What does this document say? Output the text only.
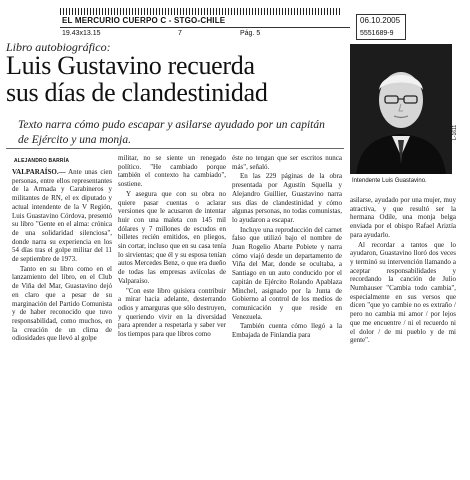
EL MERCURIO CUERPO C - STGO-CHILE	06.10.2005
19.43x13.15	7	Pág. 5	5551689-9
Libro autobiográfico:
Luis Gustavino recuerda
sus días de clandestinidad
Texto narra cómo pudo escapar y asilarse ayudado por un capitán de Ejército y una monja.
ALEJANDRO BARRÍA
Intendente Luis Guastavino.
L-1611

VALPARAÍSO.— Ante unas cien personas, entre ellos representantes de la Armada y Carabineros y militantes de RN, el ex diputado y actual intendente de la V Región, Luis Guastavino Córdova, presentó su libro "Gente en el alma: crónica de una solidaridad silenciosa", donde narra su experiencia en los 54 días tras el golpe militar del 11 de septiembre de 1973.

Tanto en su libro como en el lanzamiento del libro, en el Club de Viña del Mar, Guastavino dejó en claro que a pesar de su marginación del Partido Comunista y de haber reconocido que tuvo responsabilidad, como muchos, en la creación de un clima de odiosidades que llevó al golpe

militar, no se siente un renegado político. "He cambiado porque también el contexto ha cambiado", sostiene.

Y asegura que con su obra no quiere pasar cuentas o aclarar versiones que le acusaron de intentar huir con una maleta con 145 mil dólares y 7 millones de escudos en billetes recién emitidos, en pliegos, sin cortar, incluso que en su casa tenía lo sirvientas; que él y su esposa tenían autos Mercedes Benz, o que era dueño de todas las empresas aviícolas de Valparaíso.

"Con este libro quisiera contribuir a mirar hacia adelante, desterrando odios y amarguras que sólo destruyen, y queriendo vivir en la diversidad para aprender a respetarla y saber ver los tiempos para que libros como

éste no tengan que ser escritos nunca más", señaló.

En las 229 páginas de la obra presentada por Agustín Squella y Alejandro Guillier, Guastavino narra sus días de clandestinidad y cómo algunas personas, no todas comunistas, lo ayudaron a escapar.

Incluye una reproducción del carnet falso que utilizó bajo el nombre de Juan Rogelio Abarte Pobiete y narra cómo viajó desde un departamento de Viña del Mar, donde se ocultaba, a Santiago en un auto conducido por el capitán de Ejército Rolando Apablaza Minchel, asignado por la Junta de Gobierno al control de los medios de comunicación y que reside en Venezuela.

También cuenta cómo llegó a la Embajada de Finlandia para

asilarse, ayudado por una mujer, muy atractiva, y que resultó ser la hermana Odile, una monja belga enviada por el obispo Rafael Ariztía para ayudarlo.

Al recordar a tantos que lo ayudaron, Guastavino lloró dos veces y terminó su intervención llamando a aceptar responsabilidades y recordando la canción de Julio Numhauser "Cambia todo cambia", especialmente en sus versos que dicen "que yo cambie no es extraño / pero no cambia mi amor / por lejos que me encuentre / ni el recuerdo ni el dolor / de mi pueblo y de mi gente".
